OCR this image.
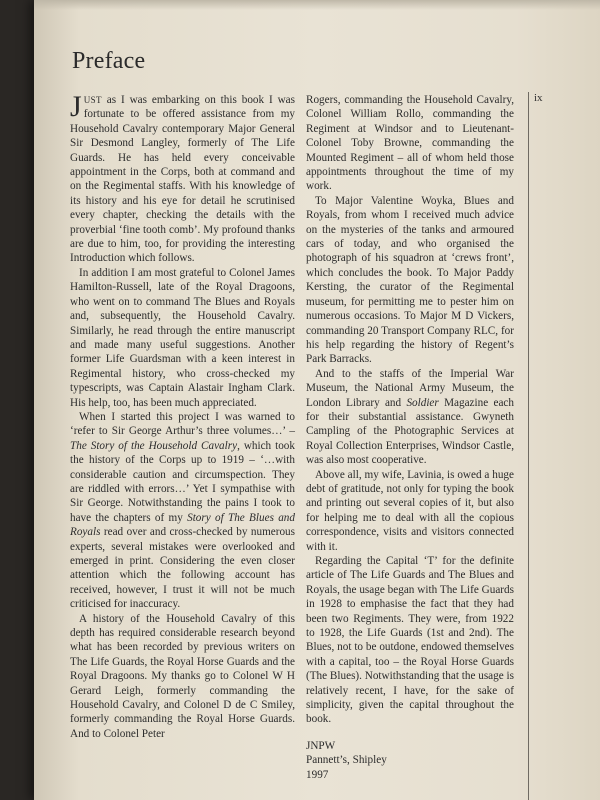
Preface
ix

JUST as I was embarking on this book I was fortunate to be offered assistance from my Household Cavalry contemporary Major General Sir Desmond Langley, formerly of The Life Guards. He has held every conceivable appointment in the Corps, both at command and on the Regimental staffs. With his knowledge of its history and his eye for detail he scrutinised every chapter, checking the details with the proverbial ‘fine tooth comb’. My profound thanks are due to him, too, for providing the interesting Introduction which follows.

In addition I am most grateful to Colonel James Hamilton-Russell, late of the Royal Dragoons, who went on to command The Blues and Royals and, subsequently, the Household Cavalry. Similarly, he read through the entire manuscript and made many useful suggestions. Another former Life Guardsman with a keen interest in Regimental history, who cross-checked my typescripts, was Captain Alastair Ingham Clark. His help, too, has been much appreciated.

When I started this project I was warned to ‘refer to Sir George Arthur’s three volumes…’ – The Story of the Household Cavalry, which took the history of the Corps up to 1919 – ‘…with considerable caution and circumspection. They are riddled with errors…’ Yet I sympathise with Sir George. Notwithstanding the pains I took to have the chapters of my Story of The Blues and Royals read over and cross-checked by numerous experts, several mistakes were overlooked and emerged in print. Considering the even closer attention which the following account has received, however, I trust it will not be much criticised for inaccuracy.

A history of the Household Cavalry of this depth has required considerable research beyond what has been recorded by previous writers on The Life Guards, the Royal Horse Guards and the Royal Dragoons. My thanks go to Colonel W H Gerard Leigh, formerly commanding the Household Cavalry, and Colonel D de C Smiley, formerly commanding the Royal Horse Guards. And to Colonel Peter

Rogers, commanding the Household Cavalry, Colonel William Rollo, commanding the Regiment at Windsor and to Lieutenant-Colonel Toby Browne, commanding the Mounted Regiment – all of whom held those appointments throughout the time of my work.

To Major Valentine Woyka, Blues and Royals, from whom I received much advice on the mysteries of the tanks and armoured cars of today, and who organised the photograph of his squadron at ‘crews front’, which concludes the book. To Major Paddy Kersting, the curator of the Regimental museum, for permitting me to pester him on numerous occasions. To Major M D Vickers, commanding 20 Transport Company RLC, for his help regarding the history of Regent’s Park Barracks.

And to the staffs of the Imperial War Museum, the National Army Museum, the London Library and Soldier Magazine each for their substantial assistance. Gwyneth Campling of the Photographic Services at Royal Collection Enterprises, Windsor Castle, was also most cooperative.

Above all, my wife, Lavinia, is owed a huge debt of gratitude, not only for typing the book and printing out several copies of it, but also for helping me to deal with all the copious correspondence, visits and visitors connected with it.

Regarding the Capital ‘T’ for the definite article of The Life Guards and The Blues and Royals, the usage began with The Life Guards in 1928 to emphasise the fact that they had been two Regiments. They were, from 1922 to 1928, the Life Guards (1st and 2nd). The Blues, not to be outdone, endowed themselves with a capital, too – the Royal Horse Guards (The Blues). Notwithstanding that the usage is relatively recent, I have, for the sake of simplicity, given the capital throughout the book.

JNPW
Pannett’s, Shipley
1997
